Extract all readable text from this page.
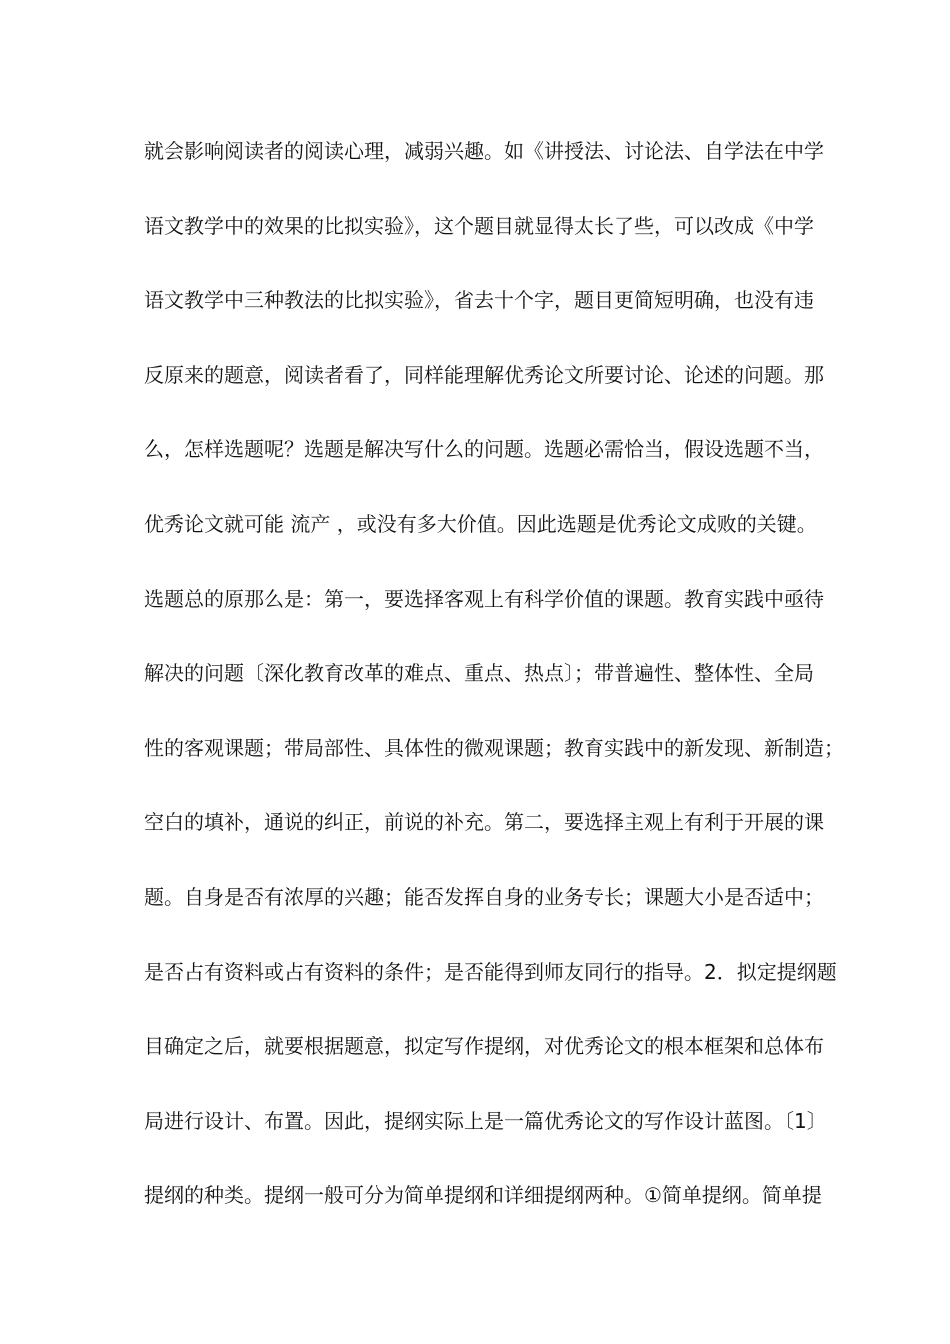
就会影响阅读者的阅读心理，减弱兴趣。如《讲授法、讨论法、自学法在中学
语文教学中的效果的比拟实验》，这个题目就显得太长了些，可以改成《中学
语文教学中三种教法的比拟实验》，省去十个字，题目更简短明确，也没有违
反原来的题意，阅读者看了，同样能理解优秀论文所要讨论、论述的问题。那
么，怎样选题呢？选题是解决写什么的问题。选题必需恰当，假设选题不当，
优秀论文就可能 流产 ，或没有多大价值。因此选题是优秀论文成败的关键。
选题总的原那么是：第一，要选择客观上有科学价值的课题。教育实践中亟待
解决的问题〔深化教育改革的难点、重点、热点〕；带普遍性、整体性、全局
性的客观课题；带局部性、具体性的微观课题；教育实践中的新发现、新制造；
空白的填补，通说的纠正，前说的补充。第二，要选择主观上有利于开展的课
题。自身是否有浓厚的兴趣；能否发挥自身的业务专长；课题大小是否适中；
是否占有资料或占有资料的条件；是否能得到师友同行的指导。2．拟定提纲题
目确定之后，就要根据题意，拟定写作提纲，对优秀论文的根本框架和总体布
局进行设计、布置。因此，提纲实际上是一篇优秀论文的写作设计蓝图。〔1〕
提纲的种类。提纲一般可分为简单提纲和详细提纲两种。①简单提纲。简单提
